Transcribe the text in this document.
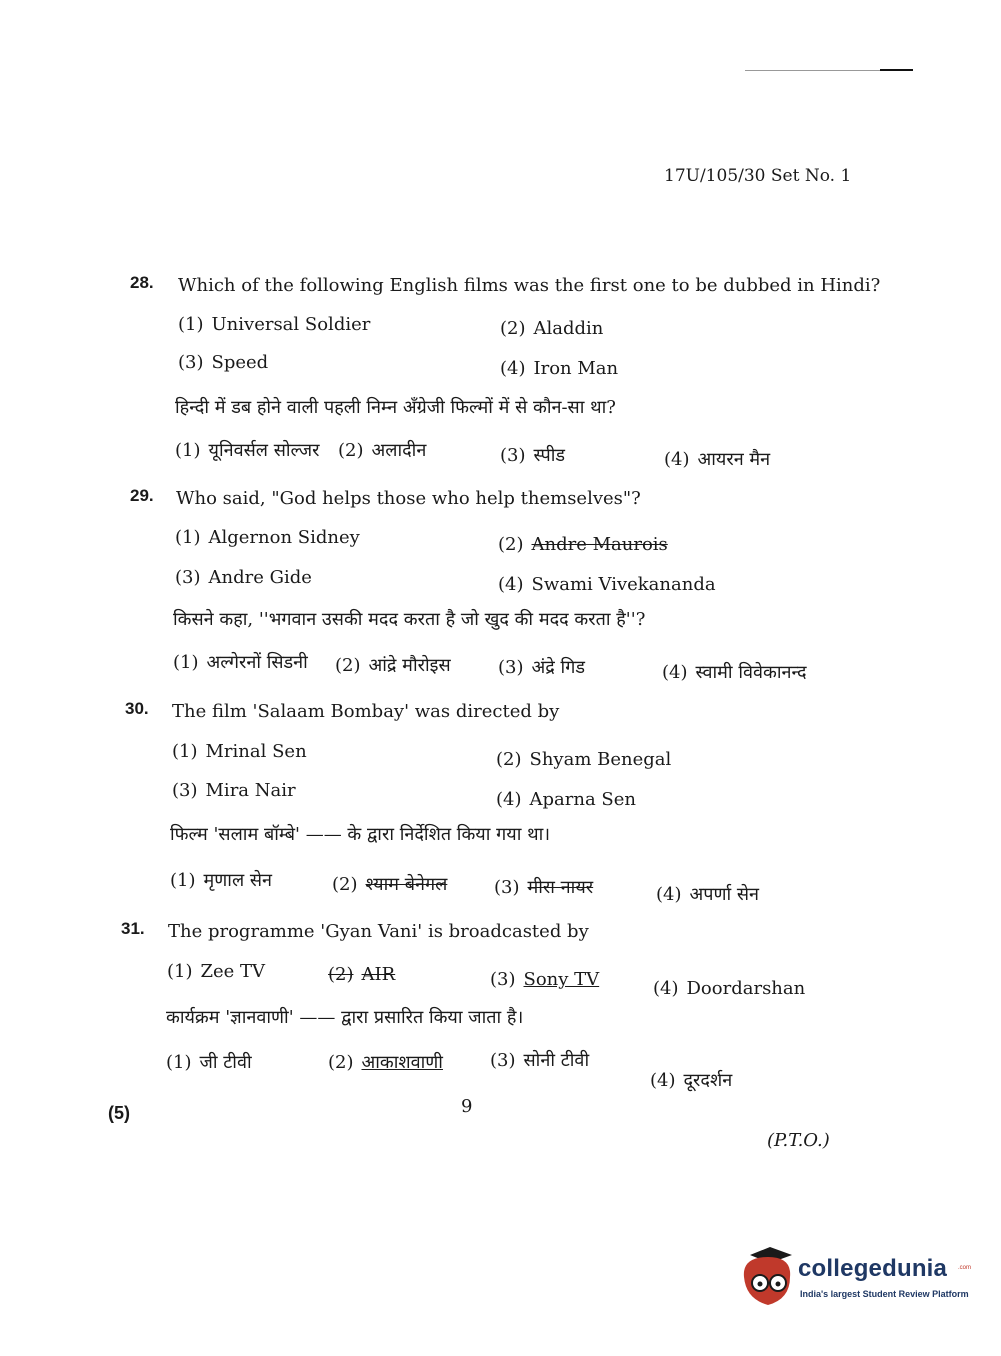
17U/105/30 Set No. 1
28. Which of the following English films was the first one to be dubbed in Hindi?
(1) Universal Soldier	(2) Aladdin
(3) Speed	(4) Iron Man
हिन्दी में डब होने वाली पहली निम्न अँग्रेजी फिल्मों में से कौन-सा था?
(1) यूनिवर्सल सोल्जर (2) अलादीन	(3) स्पीड	(4) आयरन मैन
29. Who said, "God helps those who help themselves"?
(1) Algernon Sidney	(2) Andre Maurois
(3) Andre Gide	(4) Swami Vivekananda
किसने कहा, ''भगवान उसकी मदद करता है जो खुद की मदद करता है''?
(1) अल्गेरनों सिडनी (2) आंद्रे मौरोइस	(3) अंद्रे गिड	(4) स्वामी विवेकानन्द
30. The film 'Salaam Bombay' was directed by
(1) Mrinal Sen	(2) Shyam Benegal
(3) Mira Nair	(4) Aparna Sen
फिल्म 'सलाम बॉम्बे' —— के द्वारा निर्देशित किया गया था।
(1) मृणाल सेन	(2) श्याम बेनेगल	(3) मीरा नायर	(4) अपर्णा सेन
31. The programme 'Gyan Vani' is broadcasted by
(1) Zee TV	(2) AIR	(3) Sony TV	(4) Doordarshan
कार्यक्रम 'ज्ञानवाणी' —— द्वारा प्रसारित किया जाता है।
(1) जी टीवी	(2) आकाशवाणी	(3) सोनी टीवी
(4) दूरदर्शन
(5)	9
(P.T.O.)
collegedunia .com
India's largest Student Review Platform
